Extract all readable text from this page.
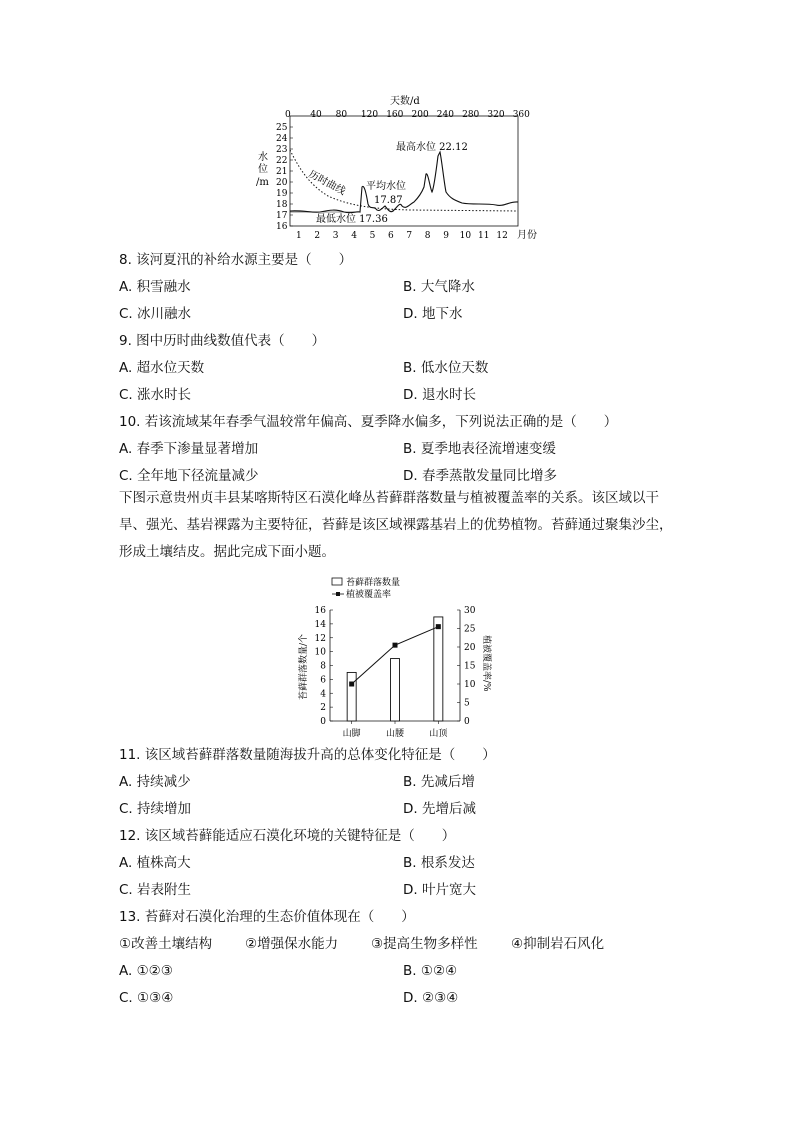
天数/d
0 40 80 120 160 200 240 280 320 360
16
17
18
19
20
21
22
23
24
25
1 2 3 4 5 6 7 8 9 10 11 12
水
位
/m
月份
历时曲线
最高水位 22.12
平均水位
17.87
最低水位 17.36
8. 该河夏汛的补给水源主要是（　　）
A. 积雪融水	B. 大气降水
C. 冰川融水	D. 地下水
9. 图中历时曲线数值代表（　　）
A. 超水位天数	B. 低水位天数
C. 涨水时长	D. 退水时长
10. 若该流域某年春季气温较常年偏高、夏季降水偏多，下列说法正确的是（　　）
A. 春季下渗量显著增加	B. 夏季地表径流增速变缓
C. 全年地下径流量减少	D. 春季蒸散发量同比增多
下图示意贵州贞丰县某喀斯特区石漠化峰丛苔藓群落数量与植被覆盖率的关系。该区域以干
旱、强光、基岩裸露为主要特征，苔藓是该区域裸露基岩上的优势植物。苔藓通过聚集沙尘，
形成土壤结皮。据此完成下面小题。
苔藓群落数量
植被覆盖率
0
2
4
6
8
10
12
14
16
0
5
10
15
20
25
30
山脚	山腰	山顶
苔藓群落数量/个	植被覆盖率/%
11. 该区域苔藓群落数量随海拔升高的总体变化特征是（　　）
A. 持续减少	B. 先减后增
C. 持续增加	D. 先增后减
12. 该区域苔藓能适应石漠化环境的关键特征是（　　）
A. 植株高大	B. 根系发达
C. 岩表附生	D. 叶片宽大
13. 苔藓对石漠化治理的生态价值体现在（　　）
①改善土壤结构 ②增强保水能力 ③提高生物多样性 ④抑制岩石风化
A. ①②③	B. ①②④
C. ①③④	D. ②③④
